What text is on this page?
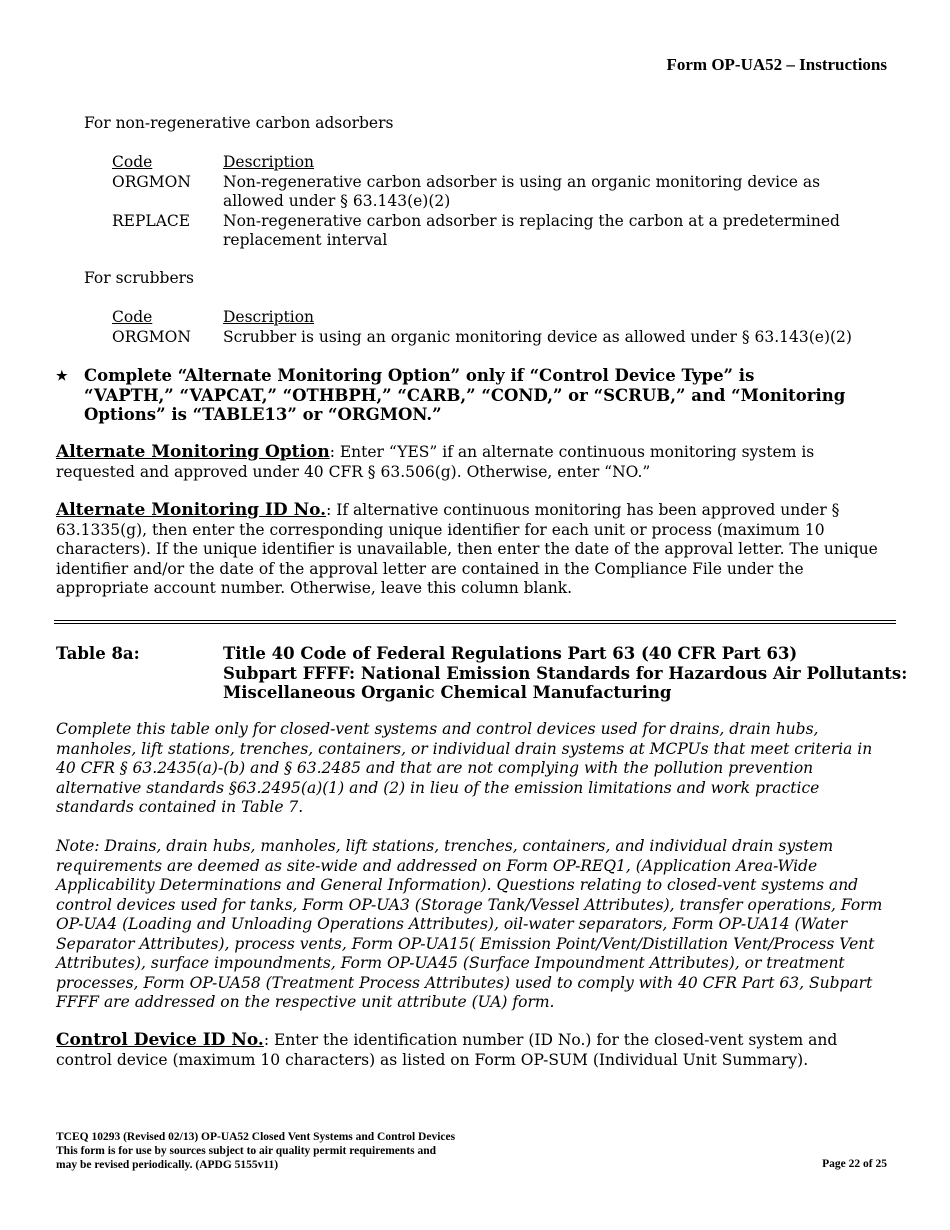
Form OP-UA52 – Instructions
For non-regenerative carbon adsorbers
Code	Description
ORGMON	Non-regenerative carbon adsorber is using an organic monitoring device as allowed under § 63.143(e)(2)
REPLACE	Non-regenerative carbon adsorber is replacing the carbon at a predetermined replacement interval
For scrubbers
Code	Description
ORGMON	Scrubber is using an organic monitoring device as allowed under § 63.143(e)(2)
★ Complete “Alternate Monitoring Option” only if “Control Device Type” is “VAPTH,” “VAPCAT,” “OTHBPH,” “CARB,” “COND,” or “SCRUB,” and “Monitoring Options” is “TABLE13” or “ORGMON.”
Alternate Monitoring Option: Enter “YES” if an alternate continuous monitoring system is requested and approved under 40 CFR § 63.506(g). Otherwise, enter “NO.”
Alternate Monitoring ID No.: If alternative continuous monitoring has been approved under § 63.1335(g), then enter the corresponding unique identifier for each unit or process (maximum 10 characters). If the unique identifier is unavailable, then enter the date of the approval letter. The unique identifier and/or the date of the approval letter are contained in the Compliance File under the appropriate account number. Otherwise, leave this column blank.
Table 8a:	Title 40 Code of Federal Regulations Part 63 (40 CFR Part 63)
Subpart FFFF: National Emission Standards for Hazardous Air Pollutants:
Miscellaneous Organic Chemical Manufacturing
Complete this table only for closed-vent systems and control devices used for drains, drain hubs, manholes, lift stations, trenches, containers, or individual drain systems at MCPUs that meet criteria in 40 CFR § 63.2435(a)-(b) and § 63.2485 and that are not complying with the pollution prevention alternative standards §63.2495(a)(1) and (2) in lieu of the emission limitations and work practice standards contained in Table 7.
Note: Drains, drain hubs, manholes, lift stations, trenches, containers, and individual drain system requirements are deemed as site-wide and addressed on Form OP-REQ1, (Application Area-Wide Applicability Determinations and General Information). Questions relating to closed-vent systems and control devices used for tanks, Form OP-UA3 (Storage Tank/Vessel Attributes), transfer operations, Form OP-UA4 (Loading and Unloading Operations Attributes), oil-water separators, Form OP-UA14 (Water Separator Attributes), process vents, Form OP-UA15( Emission Point/Vent/Distillation Vent/Process Vent Attributes), surface impoundments, Form OP-UA45 (Surface Impoundment Attributes), or treatment processes, Form OP-UA58 (Treatment Process Attributes) used to comply with 40 CFR Part 63, Subpart FFFF are addressed on the respective unit attribute (UA) form.
Control Device ID No.: Enter the identification number (ID No.) for the closed-vent system and control device (maximum 10 characters) as listed on Form OP-SUM (Individual Unit Summary).
TCEQ 10293 (Revised 02/13) OP-UA52 Closed Vent Systems and Control Devices
This form is for use by sources subject to air quality permit requirements and
may be revised periodically. (APDG 5155v11)	Page 22 of 25
